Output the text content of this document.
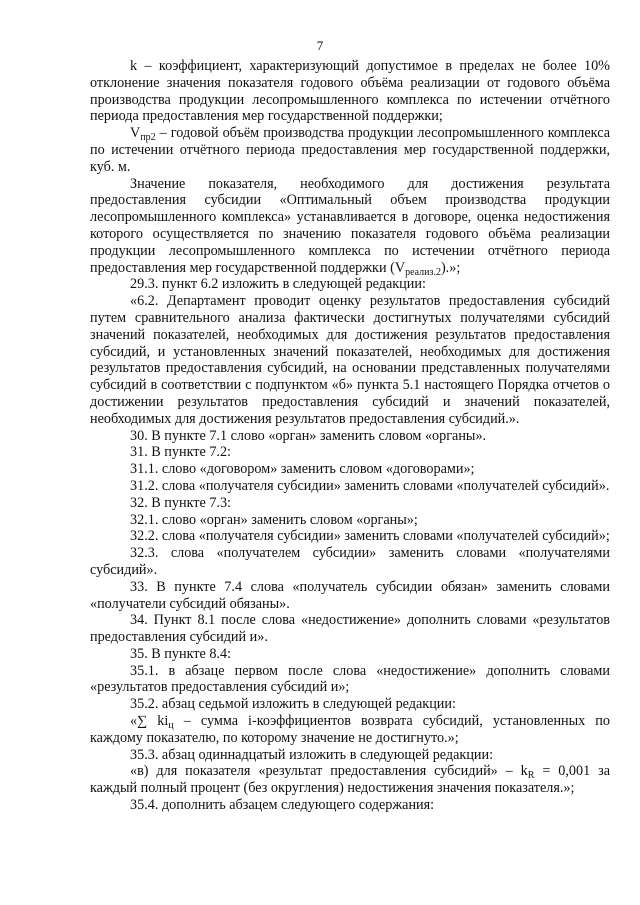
7

k – коэффициент, характеризующий допустимое в пределах не более 10% отклонение значения показателя годового объёма реализации от годового объёма производства продукции лесопромышленного комплекса по истечении отчётного периода предоставления мер государственной поддержки;

$V_{пр2}$ – годовой объём производства продукции лесопромышленного комплекса по истечении отчётного периода предоставления мер государственной поддержки, куб. м.

Значение показателя, необходимого для достижения результата предоставления субсидии «Оптимальный объем производства продукции лесопромышленного комплекса» устанавливается в договоре, оценка недостижения которого осуществляется по значению показателя годового объёма реализации продукции лесопромышленного комплекса по истечении отчётного периода предоставления мер государственной поддержки $(V_{реализ.2})$.»;

29.3. пункт 6.2 изложить в следующей редакции:

«6.2. Департамент проводит оценку результатов предоставления субсидий путем сравнительного анализа фактически достигнутых получателями субсидий значений показателей, необходимых для достижения результатов предоставления субсидий, и установленных значений показателей, необходимых для достижения результатов предоставления субсидий, на основании представленных получателями субсидий в соответствии с подпунктом «б» пункта 5.1 настоящего Порядка отчетов о достижении результатов предоставления субсидий и значений показателей, необходимых для достижения результатов предоставления субсидий.».

30. В пункте 7.1 слово «орган» заменить словом «органы».

31. В пункте 7.2:

31.1. слово «договором» заменить словом «договорами»;

31.2. слова «получателя субсидии» заменить словами «получателей субсидий».

32. В пункте 7.3:

32.1. слово «орган» заменить словом «органы»;

32.2. слова «получателя субсидии» заменить словами «получателей субсидий»;

32.3. слова «получателем субсидии» заменить словами «получателями субсидий».

33. В пункте 7.4 слова «получатель субсидии обязан» заменить словами «получатели субсидий обязаны».

34. Пункт 8.1 после слова «недостижение» дополнить словами «результатов предоставления субсидий и».

35. В пункте 8.4:

35.1. в абзаце первом после слова «недостижение» дополнить словами «результатов предоставления субсидий и»;

35.2. абзац седьмой изложить в следующей редакции:

«∑ $ki_ц$ – сумма i-коэффициентов возврата субсидий, установленных по каждому показателю, по которому значение не достигнуто.»;

35.3. абзац одиннадцатый изложить в следующей редакции:

«в) для показателя «результат предоставления субсидий» – $k_R = 0,001$ за каждый полный процент (без округления) недостижения значения показателя.»;

35.4. дополнить абзацем следующего содержания:
